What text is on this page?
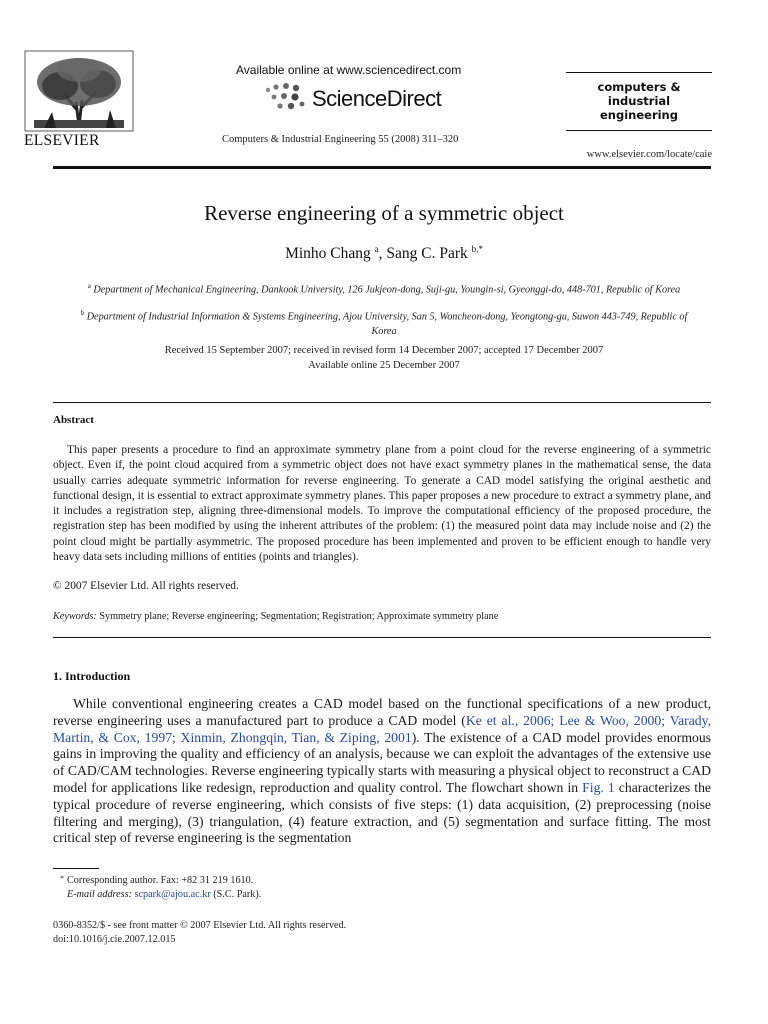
ELSEVIER
Available online at www.sciencedirect.com
ScienceDirect
Computers & Industrial Engineering 55 (2008) 311–320
computers &
industrial
engineering
www.elsevier.com/locate/caie
Reverse engineering of a symmetric object
Minho Chang $^a$, Sang C. Park $^{b,*}$
$^a$ Department of Mechanical Engineering, Dankook University, 126 Jukjeon-dong, Suji-gu, Youngin-si, Gyeonggi-do, 448-701, Republic of Korea
$^b$ Department of Industrial Information & Systems Engineering, Ajou University, San 5, Woncheon-dong, Yeongtong-gu, Suwon 443-749, Republic of Korea
Received 15 September 2007; received in revised form 14 December 2007; accepted 17 December 2007
Available online 25 December 2007
Abstract

This paper presents a procedure to find an approximate symmetry plane from a point cloud for the reverse engineering of a symmetric object. Even if, the point cloud acquired from a symmetric object does not have exact symmetry planes in the mathematical sense, the data usually carries adequate symmetric information for reverse engineering. To generate a CAD model satisfying the original aesthetic and functional design, it is essential to extract approximate symmetry planes. This paper proposes a new procedure to extract a symmetry plane, and it includes a registration step, aligning three-dimensional models. To improve the computational efficiency of the proposed procedure, the registration step has been modified by using the inherent attributes of the problem: (1) the measured point data may include noise and (2) the point cloud might be partially asymmetric. The proposed procedure has been implemented and proven to be efficient enough to handle very heavy data sets including millions of entities (points and triangles).

© 2007 Elsevier Ltd. All rights reserved.
Keywords: Symmetry plane; Reverse engineering; Segmentation; Registration; Approximate symmetry plane
1. Introduction

While conventional engineering creates a CAD model based on the functional specifications of a new product, reverse engineering uses a manufactured part to produce a CAD model (Ke et al., 2006; Lee & Woo, 2000; Varady, Martin, & Cox, 1997; Xinmin, Zhongqin, Tian, & Ziping, 2001). The existence of a CAD model provides enormous gains in improving the quality and efficiency of an analysis, because we can exploit the advantages of the extensive use of CAD/CAM technologies. Reverse engineering typically starts with measuring a physical object to reconstruct a CAD model for applications like redesign, reproduction and quality control. The flowchart shown in Fig. 1 characterizes the typical procedure of reverse engineering, which consists of five steps: (1) data acquisition, (2) preprocessing (noise filtering and merging), (3) triangulation, (4) feature extraction, and (5) segmentation and surface fitting. The most critical step of reverse engineering is the segmentation

* Corresponding author. Fax: +82 31 219 1610.
E-mail address: scpark@ajou.ac.kr (S.C. Park).
0360-8352/$ - see front matter © 2007 Elsevier Ltd. All rights reserved.
doi:10.1016/j.cie.2007.12.015
